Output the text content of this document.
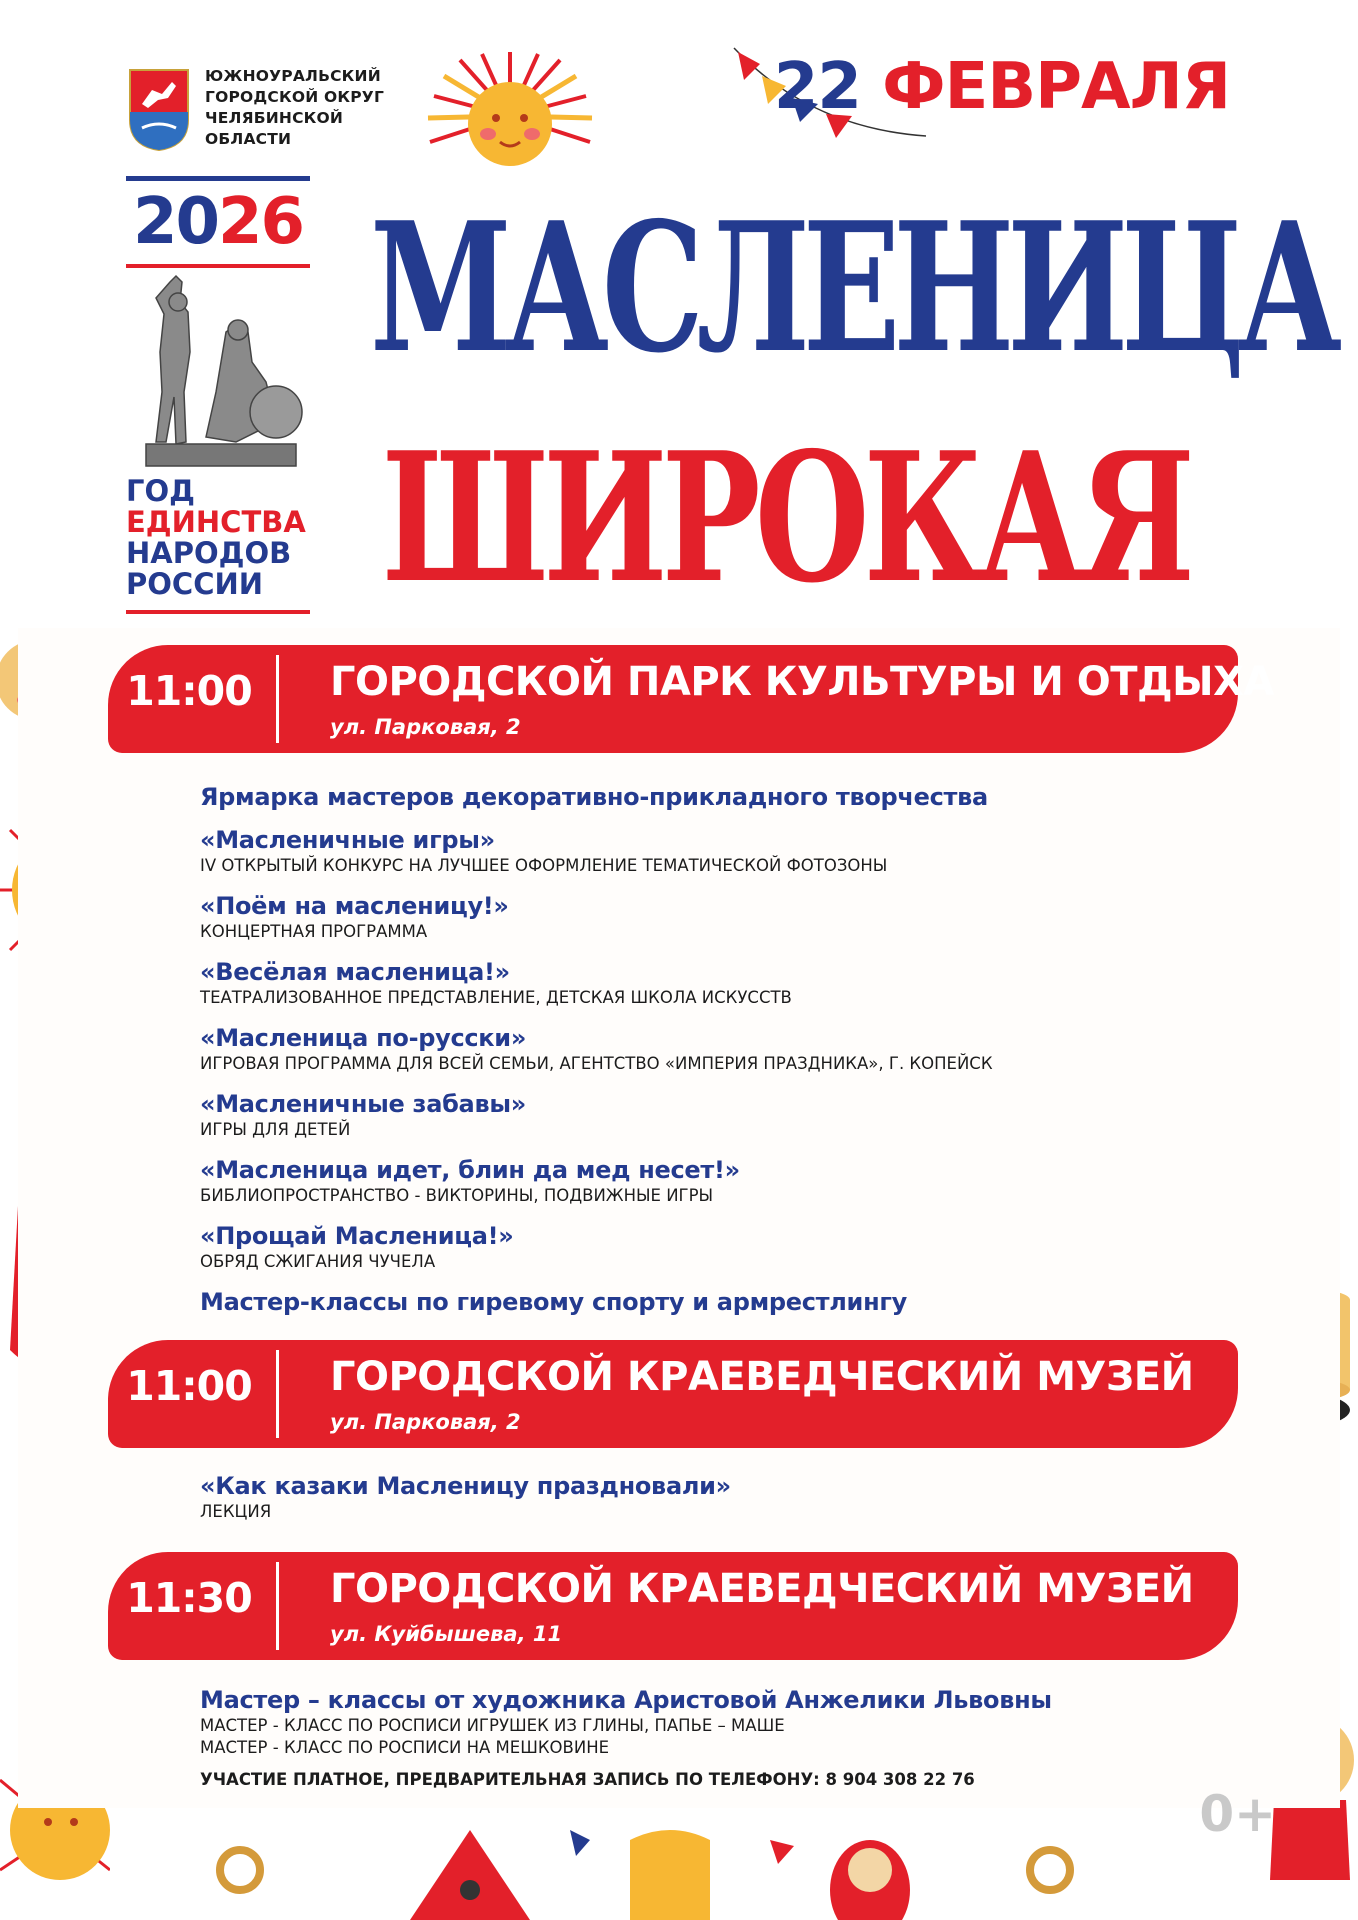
ЮЖНОУРАЛЬСКИЙ
ГОРОДСКОЙ ОКРУГ
ЧЕЛЯБИНСКОЙ
ОБЛАСТИ
2026
ГОД
ЕДИНСТВА
НАРОДОВ
РОССИИ
22 ФЕВРАЛЯ
МАСЛЕНИЦА
ШИРОКАЯ
11:00	ГОРОДСКОЙ ПАРК КУЛЬТУРЫ И ОТДЫХА
ул. Парковая, 2
Ярмарка мастеров декоративно-прикладного творчества
«Масленичные игры»
IV ОТКРЫТЫЙ КОНКУРС НА ЛУЧШЕЕ ОФОРМЛЕНИЕ ТЕМАТИЧЕСКОЙ ФОТОЗОНЫ
«Поём на масленицу!»
КОНЦЕРТНАЯ ПРОГРАММА
«Весёлая масленица!»
ТЕАТРАЛИЗОВАННОЕ ПРЕДСТАВЛЕНИЕ, ДЕТСКАЯ ШКОЛА ИСКУССТВ
«Масленица по-русски»
ИГРОВАЯ ПРОГРАММА ДЛЯ ВСЕЙ СЕМЬИ, АГЕНТСТВО «ИМПЕРИЯ ПРАЗДНИКА», Г. КОПЕЙСК
«Масленичные забавы»
ИГРЫ ДЛЯ ДЕТЕЙ
«Масленица идет, блин да мед несет!»
БИБЛИОПРОСТРАНСТВО - ВИКТОРИНЫ, ПОДВИЖНЫЕ ИГРЫ
«Прощай Масленица!»
ОБРЯД СЖИГАНИЯ ЧУЧЕЛА
Мастер-классы по гиревому спорту и армрестлингу
11:00	ГОРОДСКОЙ КРАЕВЕДЧЕСКИЙ МУЗЕЙ
ул. Парковая, 2
«Как казаки Масленицу праздновали»
ЛЕКЦИЯ
11:30	ГОРОДСКОЙ КРАЕВЕДЧЕСКИЙ МУЗЕЙ
ул. Куйбышева, 11
Мастер – классы от художника Аристовой Анжелики Львовны
МАСТЕР - КЛАСС ПО РОСПИСИ ИГРУШЕК ИЗ ГЛИНЫ, ПАПЬЕ – МАШЕ
МАСТЕР - КЛАСС ПО РОСПИСИ НА МЕШКОВИНЕ
УЧАСТИЕ ПЛАТНОЕ, ПРЕДВАРИТЕЛЬНАЯ ЗАПИСЬ ПО ТЕЛЕФОНУ: 8 904 308 22 76
0+
